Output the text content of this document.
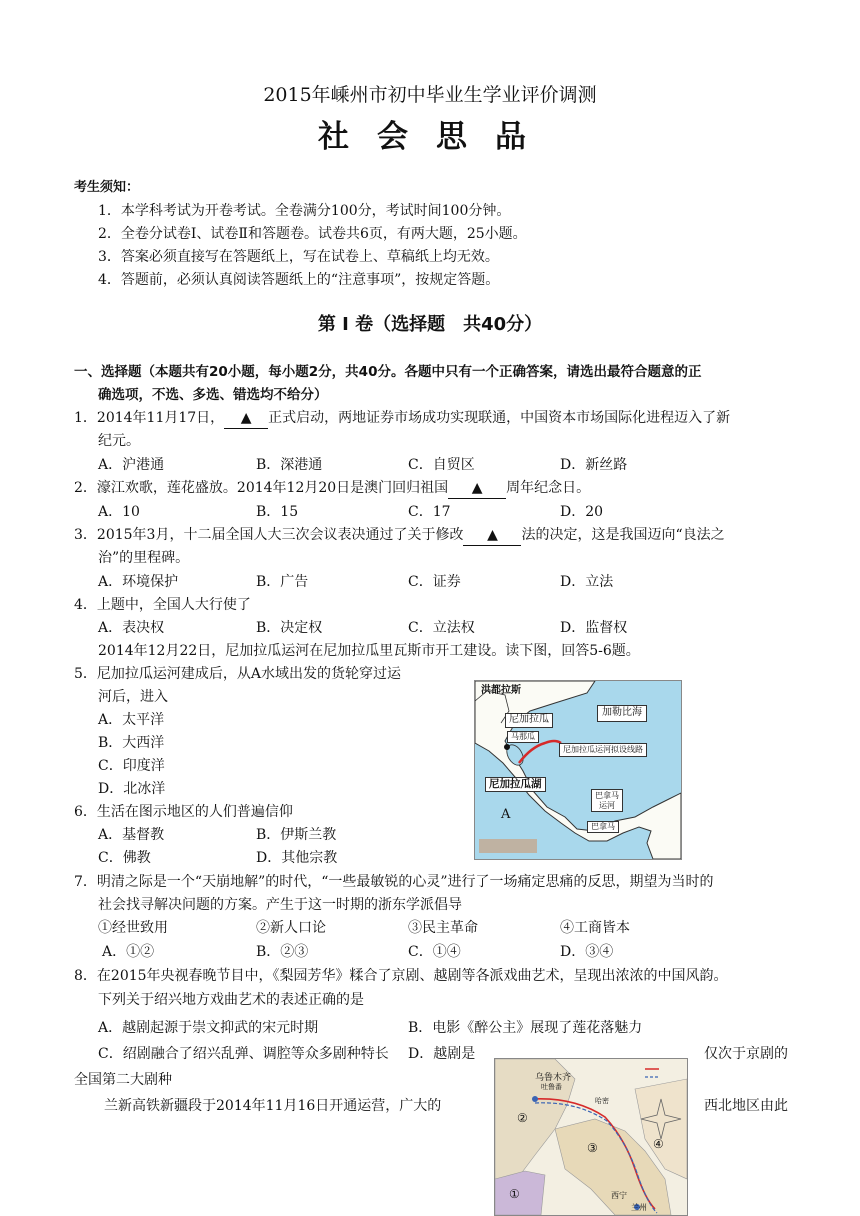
2015年嵊州市初中毕业生学业评价调测
社会思品
考生须知：
1．本学科考试为开卷考试。全卷满分100分，考试时间100分钟。
2．全卷分试卷Ⅰ、试卷Ⅱ和答题卷。试卷共6页，有两大题，25小题。
3．答案必须直接写在答题纸上，写在试卷上、草稿纸上均无效。
4．答题前，必须认真阅读答题纸上的“注意事项”，按规定答题。
第 Ⅰ 卷（选择题　共40分）
一、选择题（本题共有20小题，每小题2分，共40分。各题中只有一个正确答案，请选出最符合题意的正
确选项，不选、多选、错选均不给分）
1．2014年11月17日， ▲ 正式启动，两地证券市场成功实现联通，中国资本市场国际化进程迈入了新
纪元。
A．沪港通	B．深港通	C．自贸区	D．新丝路
2．濠江欢歌，莲花盛放。2014年12月20日是澳门回归祖国 ▲ 周年纪念日。
A．10	B．15	C．17	D．20
3．2015年3月，十二届全国人大三次会议表决通过了关于修改 ▲ 法的决定，这是我国迈向“良法之
治”的里程碑。
A．环境保护	B．广告	C．证券	D．立法
4．上题中，全国人大行使了
A．表决权	B．决定权	C．立法权	D．监督权
2014年12月22日，尼加拉瓜运河在尼加拉瓜里瓦斯市开工建设。读下图，回答5-6题。
5．尼加拉瓜运河建成后，从A水域出发的货轮穿过运
河后，进入
A．太平洋
B．大西洋
C．印度洋
D．北冰洋
6．生活在图示地区的人们普遍信仰
A．基督教	B．伊斯兰教
C．佛教	D．其他宗教
洪都拉斯
加勒比海
尼加拉瓜
马那瓜
尼加拉瓜运河拟设线路
尼加拉瓜湖
巴拿马
运河
巴拿马
A
7．明清之际是一个“天崩地解”的时代，“一些最敏锐的心灵”进行了一场痛定思痛的反思，期望为当时的
社会找寻解决问题的方案。产生于这一时期的浙东学派倡导
①经世致用	②新人口论	③民主革命	④工商皆本
A．①②	B．②③	C．①④	D．③④
8．在2015年央视春晚节目中，《梨园芳华》糅合了京剧、越剧等各派戏曲艺术，呈现出浓浓的中国风韵。
下列关于绍兴地方戏曲艺术的表述正确的是
A．越剧起源于崇文抑武的宋元时期	B．电影《醉公主》展现了莲花落魅力
C．绍剧融合了绍兴乱弹、调腔等众多剧种特长 D．越剧是	仅次于京剧的
全国第二大剧种
兰新高铁新疆段于2014年11月16日开通运营，广大的	西北地区由此
乌鲁木齐
吐鲁番
哈密
①
②
③	④
西宁
兰州
